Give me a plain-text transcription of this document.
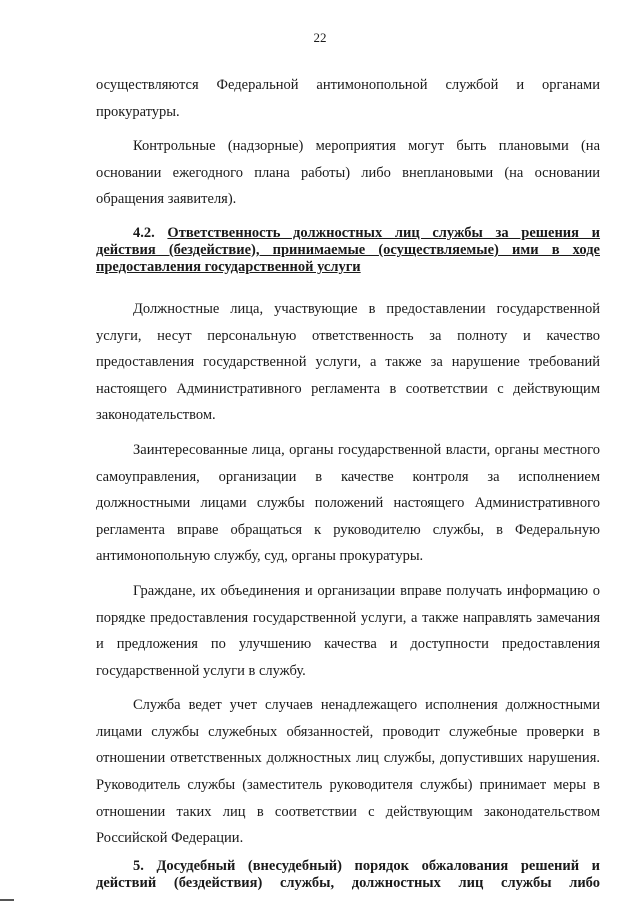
22

осуществляются Федеральной антимонопольной службой и органами прокуратуры.

Контрольные (надзорные) мероприятия могут быть плановыми (на основании ежегодного плана работы) либо внеплановыми (на основании обращения заявителя).

4.2. Ответственность должностных лиц службы за решения и действия (бездействие), принимаемые (осуществляемые) ими в ходе предоставления государственной услуги

Должностные лица, участвующие в предоставлении государственной услуги, несут персональную ответственность за полноту и качество предоставления государственной услуги, а также за нарушение требований настоящего Административного регламента в соответствии с действующим законодательством.

Заинтересованные лица, органы государственной власти, органы местного самоуправления, организации в качестве контроля за исполнением должностными лицами службы положений настоящего Административного регламента вправе обращаться к руководителю службы, в Федеральную антимонопольную службу, суд, органы прокуратуры.

Граждане, их объединения и организации вправе получать информацию о порядке предоставления государственной услуги, а также направлять замечания и предложения по улучшению качества и доступности предоставления государственной услуги в службу.

Служба ведет учет случаев ненадлежащего исполнения должностными лицами службы служебных обязанностей, проводит служебные проверки в отношении ответственных должностных лиц службы, допустивших нарушения. Руководитель службы (заместитель руководителя службы) принимает меры в отношении таких лиц в соответствии с действующим законодательством Российской Федерации.

5. Досудебный (внесудебный) порядок обжалования решений и действий (бездействия) службы, должностных лиц службы либо
